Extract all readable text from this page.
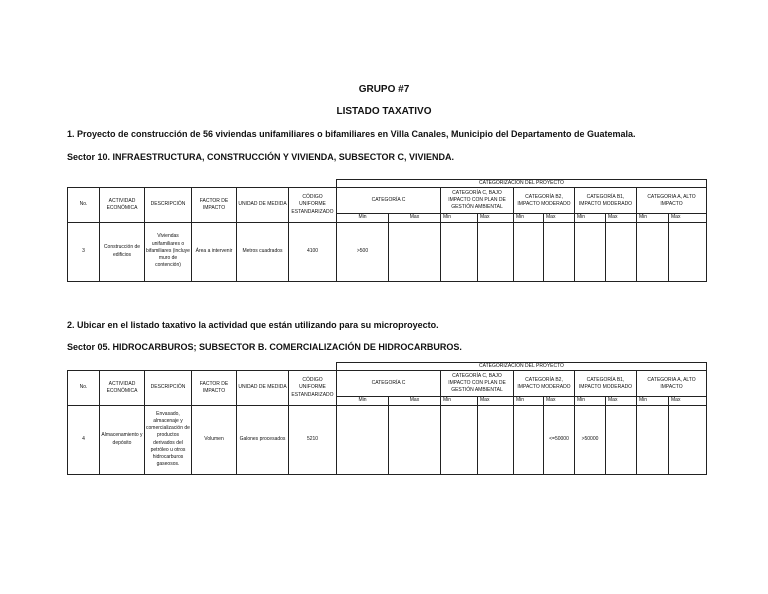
GRUPO #7
LISTADO TAXATIVO
1. Proyecto de construcción de 56 viviendas unifamiliares o bifamiliares en Villa Canales, Municipio del Departamento de Guatemala.
Sector 10. INFRAESTRUCTURA, CONSTRUCCIÓN Y VIVIENDA, SUBSECTOR C, VIVIENDA.
						CATEGORIZACIÓN DEL PROYECTO									
No.	ACTIVIDAD ECONÓMICA	DESCRIPCIÓN	FACTOR DE IMPACTO	UNIDAD DE MEDIDA	CÓDIGO UNIFORME ESTANDARIZADO	CATEGORÍA C		CATEGORÍA C, BAJO IMPACTO CON PLAN DE GESTIÓN AMBIENTAL		CATEGORÍA B2, IMPACTO MODERADO		CATEGORÍA B1, IMPACTO MODERADO		CATEGORIA A, ALTO IMPACTO	
						Min	Max	Min	Max	Min	Max	Min	Max	Min	Max
3	Construcción de edificios	Viviendas unifamiliares o bifamiliares (incluye muro de contención)	Área a intervenir	Metros cuadrados	4100	>500									
2. Ubicar en el listado taxativo la actividad que están utilizando para su microproyecto.
Sector 05. HIDROCARBUROS; SUBSECTOR B. COMERCIALIZACIÓN DE HIDROCARBUROS.
						CATEGORIZACIÓN DEL PROYECTO									
No.	ACTIVIDAD ECONÓMICA	DESCRIPCIÓN	FACTOR DE IMPACTO	UNIDAD DE MEDIDA	CÓDIGO UNIFORME ESTANDARIZADO	CATEGORÍA C		CATEGORÍA C, BAJO IMPACTO CON PLAN DE GESTIÓN AMBIENTAL		CATEGORÍA B2, IMPACTO MODERADO		CATEGORÍA B1, IMPACTO MODERADO		CATEGORIA A, ALTO IMPACTO	
						Min	Max	Min	Max	Min	Max	Min	Max	Min	Max
4	Almacenamiento y depósito	Envasado, almacenaje y comercialización de productos derivados del petróleo u otros hidrocarburos gaseosos.	Volumen	Galones procesados	5210						<=50000	>50000			
